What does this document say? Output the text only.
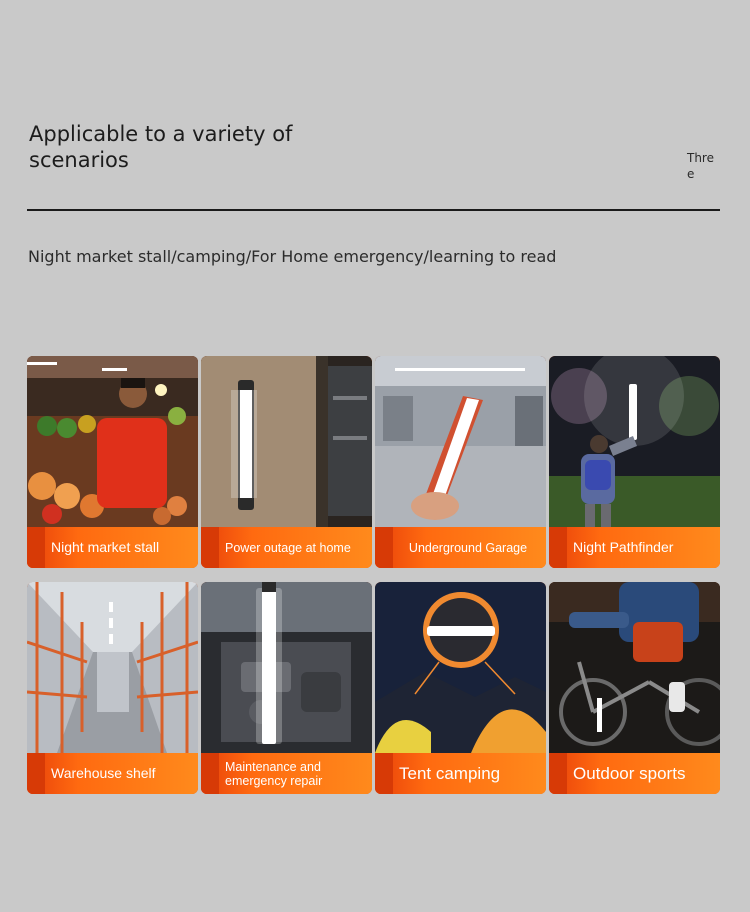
Applicable to a variety of scenarios	Three
Night market stall/camping/For Home emergency/learning to read
Night market stall	Power outage at home	Underground Garage	Night Pathfinder
Warehouse shelf	Maintenance and emergency repair	Tent camping	Outdoor sports
